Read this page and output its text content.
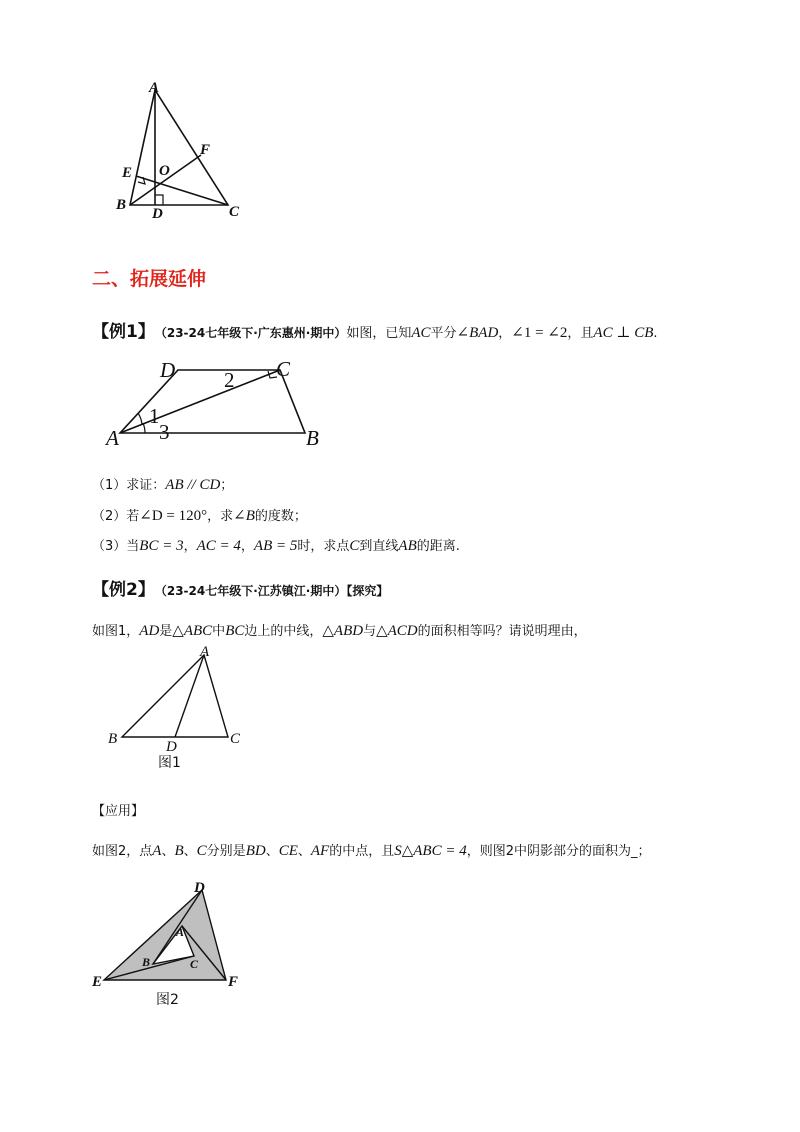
A
B	C
D
E
F
O
二、拓展延伸
【例1】 （23-24七年级下·广东惠州·期中）如图，已知AC平分∠BAD，∠1 = ∠2，且AC ⊥ CB.
A
D	C
B
1
2
3
（1）求证：AB // CD；
（2）若∠D = 120°，求∠B的度数；
（3）当BC = 3，AC = 4，AB = 5时，求点C到直线AB的距离.
【例2】 （23-24七年级下·江苏镇江·期中）【探究】
如图1，AD是△ABC中BC边上的中线，△ABD与△ACD的面积相等吗？请说明理由，
A
B	C
D
图1
【应用】
如图2，点A、B、C分别是BD、CE、AF的中点，且S△ABC = 4，则图2中阴影部分的面积为_；
D
E	F
A
B	C
图2
